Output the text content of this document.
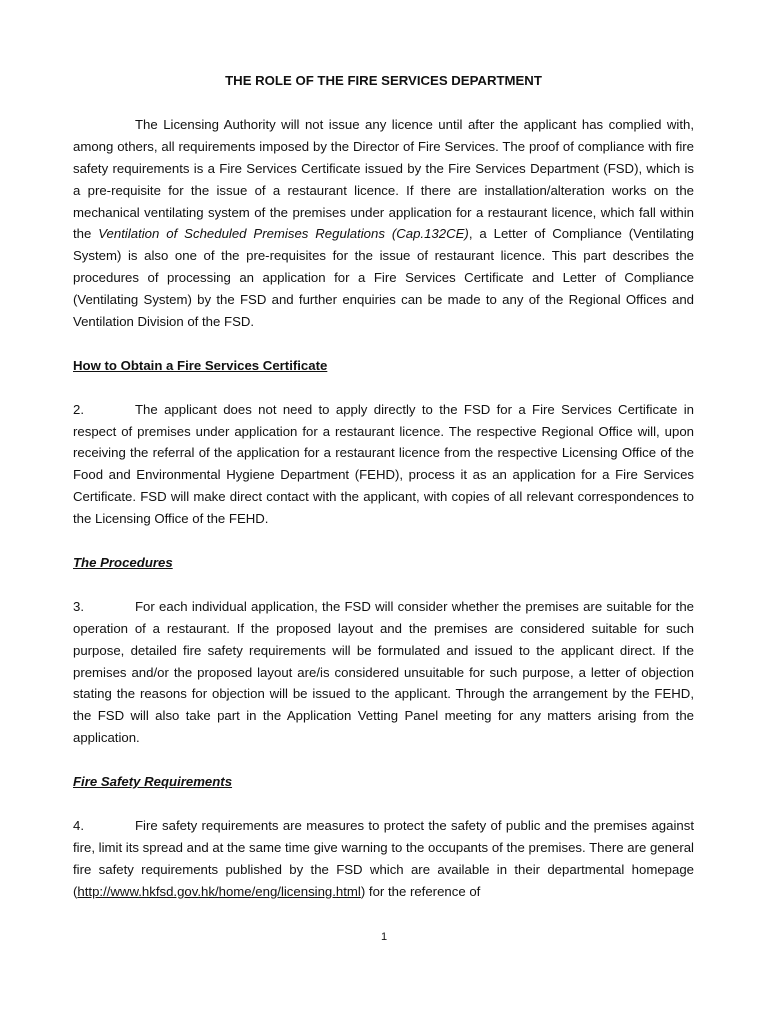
THE ROLE OF THE FIRE SERVICES DEPARTMENT

The Licensing Authority will not issue any licence until after the applicant has complied with, among others, all requirements imposed by the Director of Fire Services. The proof of compliance with fire safety requirements is a Fire Services Certificate issued by the Fire Services Department (FSD), which is a pre-requisite for the issue of a restaurant licence. If there are installation/alteration works on the mechanical ventilating system of the premises under application for a restaurant licence, which fall within the Ventilation of Scheduled Premises Regulations (Cap.132CE), a Letter of Compliance (Ventilating System) is also one of the pre-requisites for the issue of restaurant licence. This part describes the procedures of processing an application for a Fire Services Certificate and Letter of Compliance (Ventilating System) by the FSD and further enquiries can be made to any of the Regional Offices and Ventilation Division of the FSD.

How to Obtain a Fire Services Certificate

2.	The applicant does not need to apply directly to the FSD for a Fire Services Certificate in respect of premises under application for a restaurant licence. The respective Regional Office will, upon receiving the referral of the application for a restaurant licence from the respective Licensing Office of the Food and Environmental Hygiene Department (FEHD), process it as an application for a Fire Services Certificate. FSD will make direct contact with the applicant, with copies of all relevant correspondences to the Licensing Office of the FEHD.

The Procedures

3.	For each individual application, the FSD will consider whether the premises are suitable for the operation of a restaurant. If the proposed layout and the premises are considered suitable for such purpose, detailed fire safety requirements will be formulated and issued to the applicant direct. If the premises and/or the proposed layout are/is considered unsuitable for such purpose, a letter of objection stating the reasons for objection will be issued to the applicant. Through the arrangement by the FEHD, the FSD will also take part in the Application Vetting Panel meeting for any matters arising from the application.

Fire Safety Requirements

4.	Fire safety requirements are measures to protect the safety of public and the premises against fire, limit its spread and at the same time give warning to the occupants of the premises. There are general fire safety requirements published by the FSD which are available in their departmental homepage (http://www.hkfsd.gov.hk/home/eng/licensing.html) for the reference of

1
